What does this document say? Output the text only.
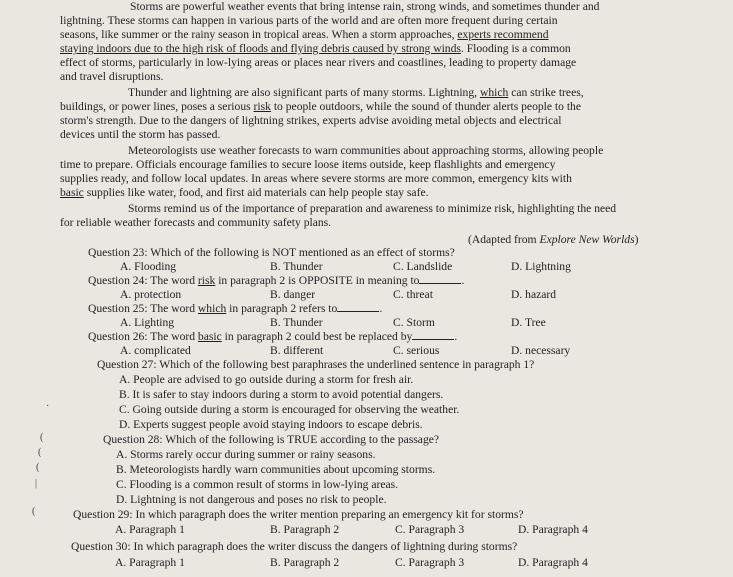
Storms are powerful weather events that bring intense rain, strong winds, and sometimes thunder and
lightning. These storms can happen in various parts of the world and are often more frequent during certain
seasons, like summer or the rainy season in tropical areas. When a storm approaches, experts recommend
staying indoors due to the high risk of floods and flying debris caused by strong winds. Flooding is a common
effect of storms, particularly in low-lying areas or places near rivers and coastlines, leading to property damage
and travel disruptions.
Thunder and lightning are also significant parts of many storms. Lightning, which can strike trees,
buildings, or power lines, poses a serious risk to people outdoors, while the sound of thunder alerts people to the
storm's strength. Due to the dangers of lightning strikes, experts advise avoiding metal objects and electrical
devices until the storm has passed.
Meteorologists use weather forecasts to warn communities about approaching storms, allowing people
time to prepare. Officials encourage families to secure loose items outside, keep flashlights and emergency
supplies ready, and follow local updates. In areas where severe storms are more common, emergency kits with
basic supplies like water, food, and first aid materials can help people stay safe.
Storms remind us of the importance of preparation and awareness to minimize risk, highlighting the need
for reliable weather forecasts and community safety plans.
(Adapted from Explore New Worlds)
Question 23: Which of the following is NOT mentioned as an effect of storms?
A. Flooding	B. Thunder	C. Landslide	D. Lightning
Question 24: The word risk in paragraph 2 is OPPOSITE in meaning to	.
A. protection	B. danger	C. threat	D. hazard
Question 25: The word which in paragraph 2 refers to	.
A. Lighting	B. Thunder	C. Storm	D. Tree
Question 26: The word basic in paragraph 2 could best be replaced by	.
A. complicated	B. different	C. serious	D. necessary
Question 27: Which of the following best paraphrases the underlined sentence in paragraph 1?
A. People are advised to go outside during a storm for fresh air.
B. It is safer to stay indoors during a storm to avoid potential dangers.
C. Going outside during a storm is encouraged for observing the weather.
D. Experts suggest people avoid staying indoors to escape debris.
Question 28: Which of the following is TRUE according to the passage?
A. Storms rarely occur during summer or rainy seasons.
B. Meteorologists hardly warn communities about upcoming storms.
C. Flooding is a common result of storms in low-lying areas.
D. Lightning is not dangerous and poses no risk to people.
Question 29: In which paragraph does the writer mention preparing an emergency kit for storms?
A. Paragraph 1	B. Paragraph 2	C. Paragraph 3	D. Paragraph 4
Question 30: In which paragraph does the writer discuss the dangers of lightning during storms?
A. Paragraph 1	B. Paragraph 2	C. Paragraph 3	D. Paragraph 4
·
(
(
(
|
(
